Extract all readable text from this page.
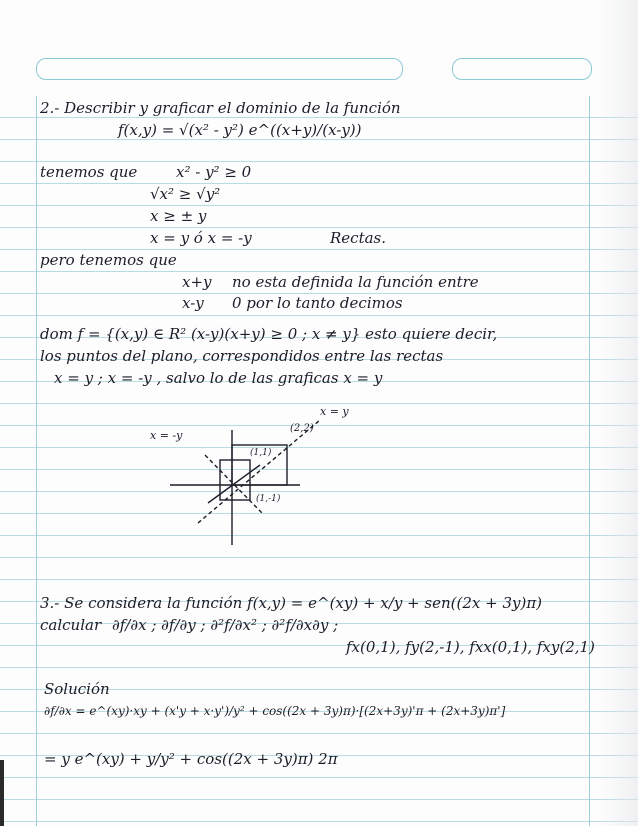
2.- Describir y graficar el dominio de la función
f(x,y) = √(x² - y²) e^((x+y)/(x-y))
tenemos que	x² - y² ≥ 0
√x² ≥ √y²
x ≥ ± y
x = y ó x = -y	Rectas.
pero tenemos que
x+y no esta definida la función entre
x-y 0 por lo tanto decimos
dom f = {(x,y) ∈ R² (x-y)(x+y) ≥ 0 ; x ≠ y} esto quiere decir,
los puntos del plano, correspondidos entre las rectas
x = y ; x = -y , salvo lo de las graficas x = y
x = y
x = -y
(2,2)
(1,1)
(1,-1)
3.- Se considera la función f(x,y) = e^(xy) + x/y + sen((2x + 3y)π)
calcular ∂f/∂x ; ∂f/∂y ; ∂²f/∂x² ; ∂²f/∂x∂y ;
fx(0,1), fy(2,-1), fxx(0,1), fxy(2,1)
Solución
∂f/∂x = e^(xy)·xy + (x'y + x·y')/y² + cos((2x + 3y)π)·[(2x+3y)'π + (2x+3y)π']
= y e^(xy) + y/y² + cos((2x + 3y)π) 2π
